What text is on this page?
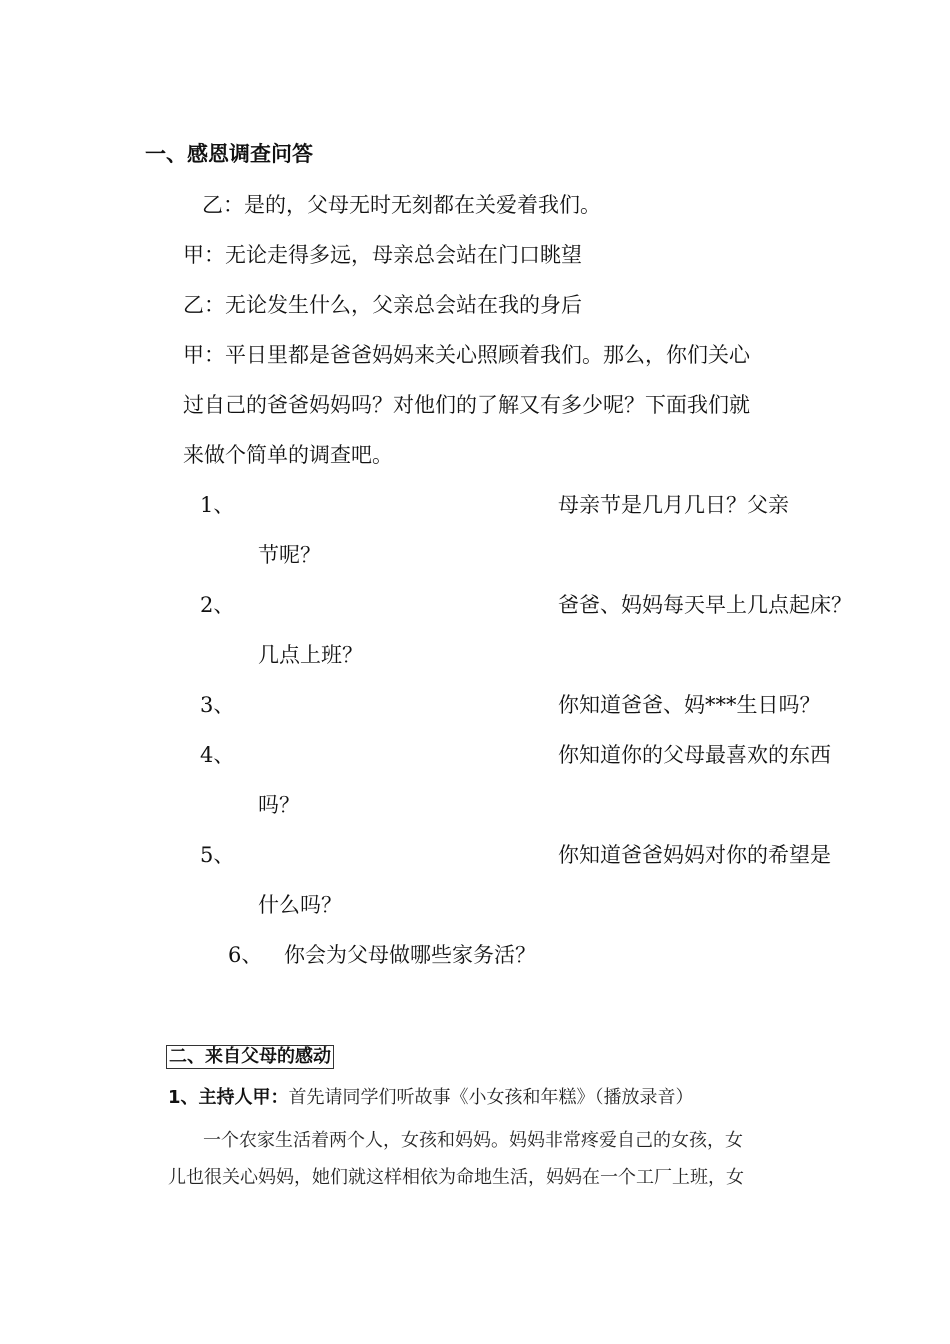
一、感恩调查问答
乙：是的，父母无时无刻都在关爱着我们。
甲：无论走得多远，母亲总会站在门口眺望
乙：无论发生什么，父亲总会站在我的身后
甲：平日里都是爸爸妈妈来关心照顾着我们。那么，你们关心
过自己的爸爸妈妈吗？对他们的了解又有多少呢？下面我们就
来做个简单的调查吧。
1、	母亲节是几月几日？父亲
节呢？
2、	爸爸、妈妈每天早上几点起床？
几点上班？
3、	你知道爸爸、妈***生日吗？
4、	你知道你的父母最喜欢的东西
吗？
5、	你知道爸爸妈妈对你的希望是
什么吗？
6、 你会为父母做哪些家务活？
二、来自父母的感动
1、主持人甲：首先请同学们听故事《小女孩和年糕》（播放录音）
一个农家生活着两个人，女孩和妈妈。妈妈非常疼爱自己的女孩，女
儿也很关心妈妈，她们就这样相依为命地生活，妈妈在一个工厂上班，女
